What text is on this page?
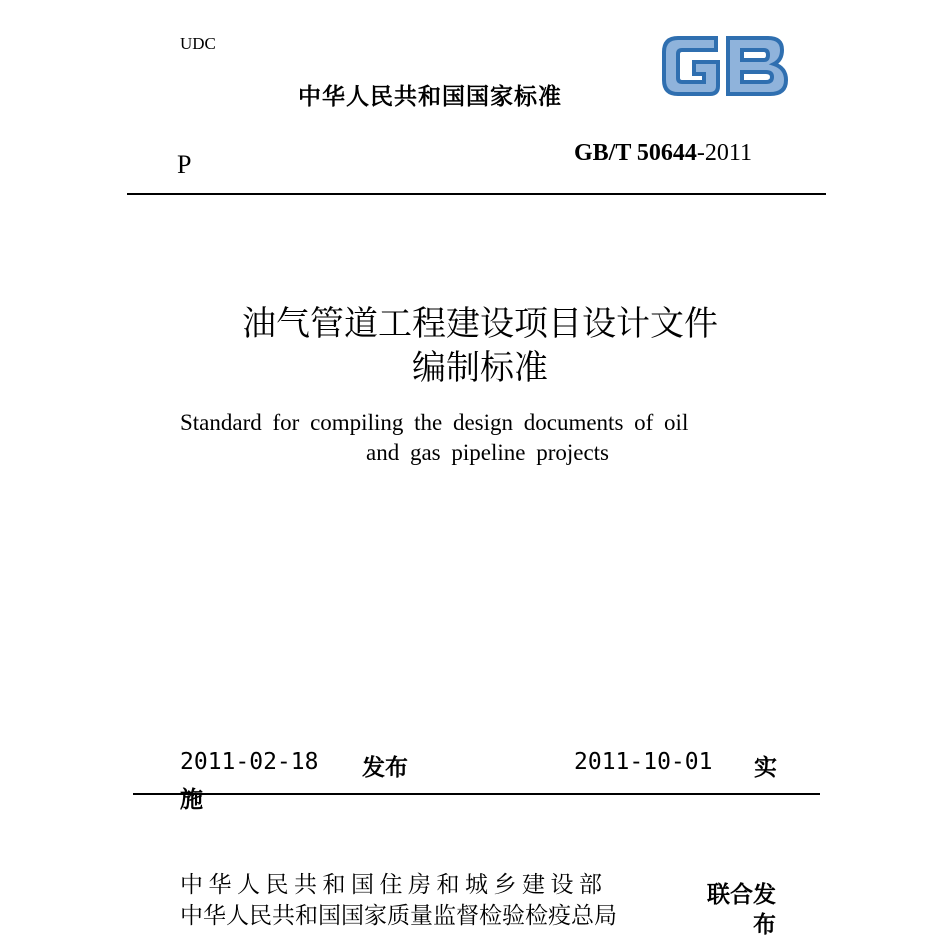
UDC
中华人民共和国国家标准
P	GB/T 50644-2011
油气管道工程建设项目设计文件
编制标准
Standard for compiling the design documents of oil
and gas pipeline projects
2011-02-18 发布	2011-10-01 实
施
中华人民共和国住房和城乡建设部
中华人民共和国国家质量监督检验检疫总局
联合发布
